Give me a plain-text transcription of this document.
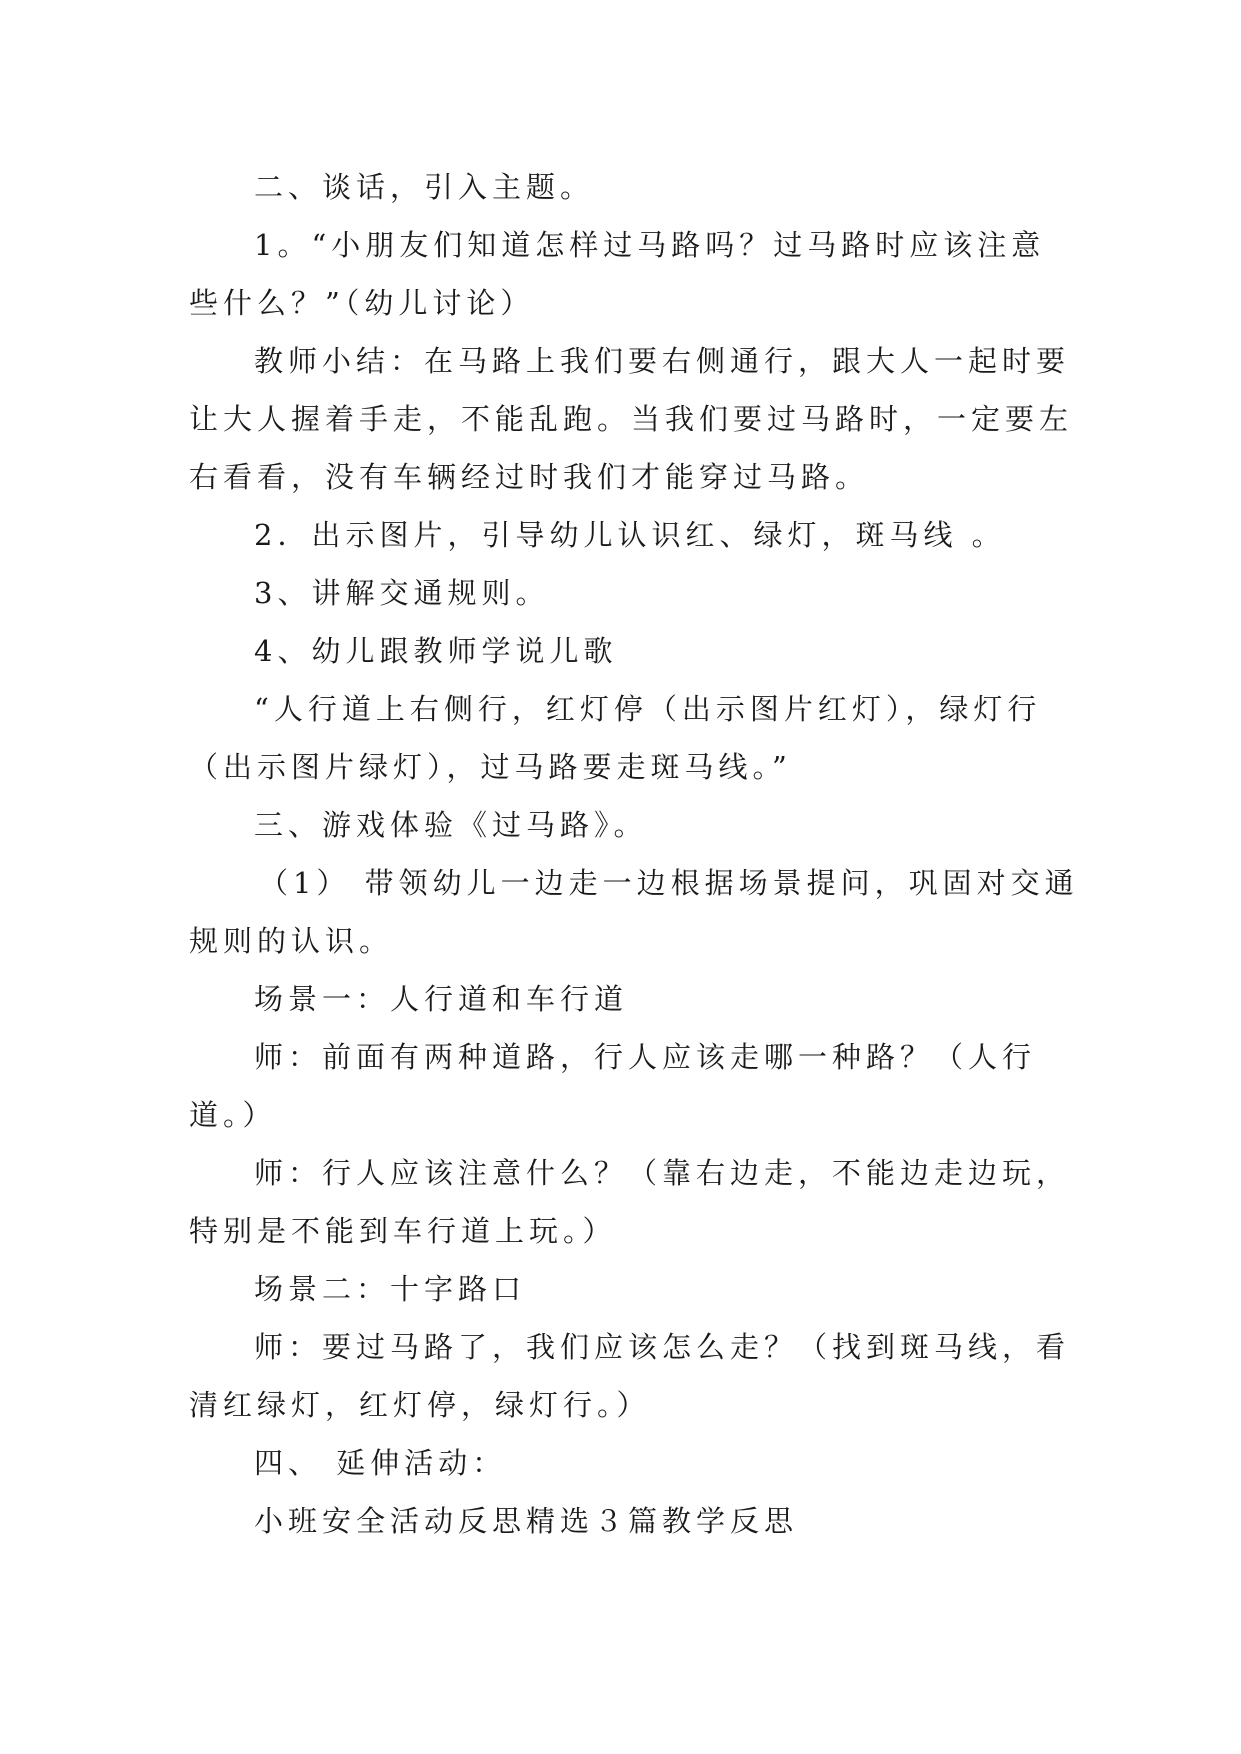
二、谈话，引入主题。
1。“小朋友们知道怎样过马路吗？过马路时应该注意
些什么？”（幼儿讨论）
教师小结：在马路上我们要右侧通行，跟大人一起时要
让大人握着手走，不能乱跑。当我们要过马路时，一定要左
右看看，没有车辆经过时我们才能穿过马路。
2．出示图片，引导幼儿认识红、绿灯，斑马线 。
3、讲解交通规则。
4、幼儿跟教师学说儿歌
“人行道上右侧行，红灯停（出示图片红灯），绿灯行
（出示图片绿灯），过马路要走斑马线。”
三、游戏体验《过马路》。
（1） 带领幼儿一边走一边根据场景提问，巩固对交通
规则的认识。
场景一：人行道和车行道
师：前面有两种道路，行人应该走哪一种路？（人行
道。）
师：行人应该注意什么？（靠右边走，不能边走边玩，
特别是不能到车行道上玩。）
场景二：十字路口
师：要过马路了，我们应该怎么走？（找到斑马线，看
清红绿灯，红灯停，绿灯行。）
四、 延伸活动：
小班安全活动反思精选３篇教学反思
